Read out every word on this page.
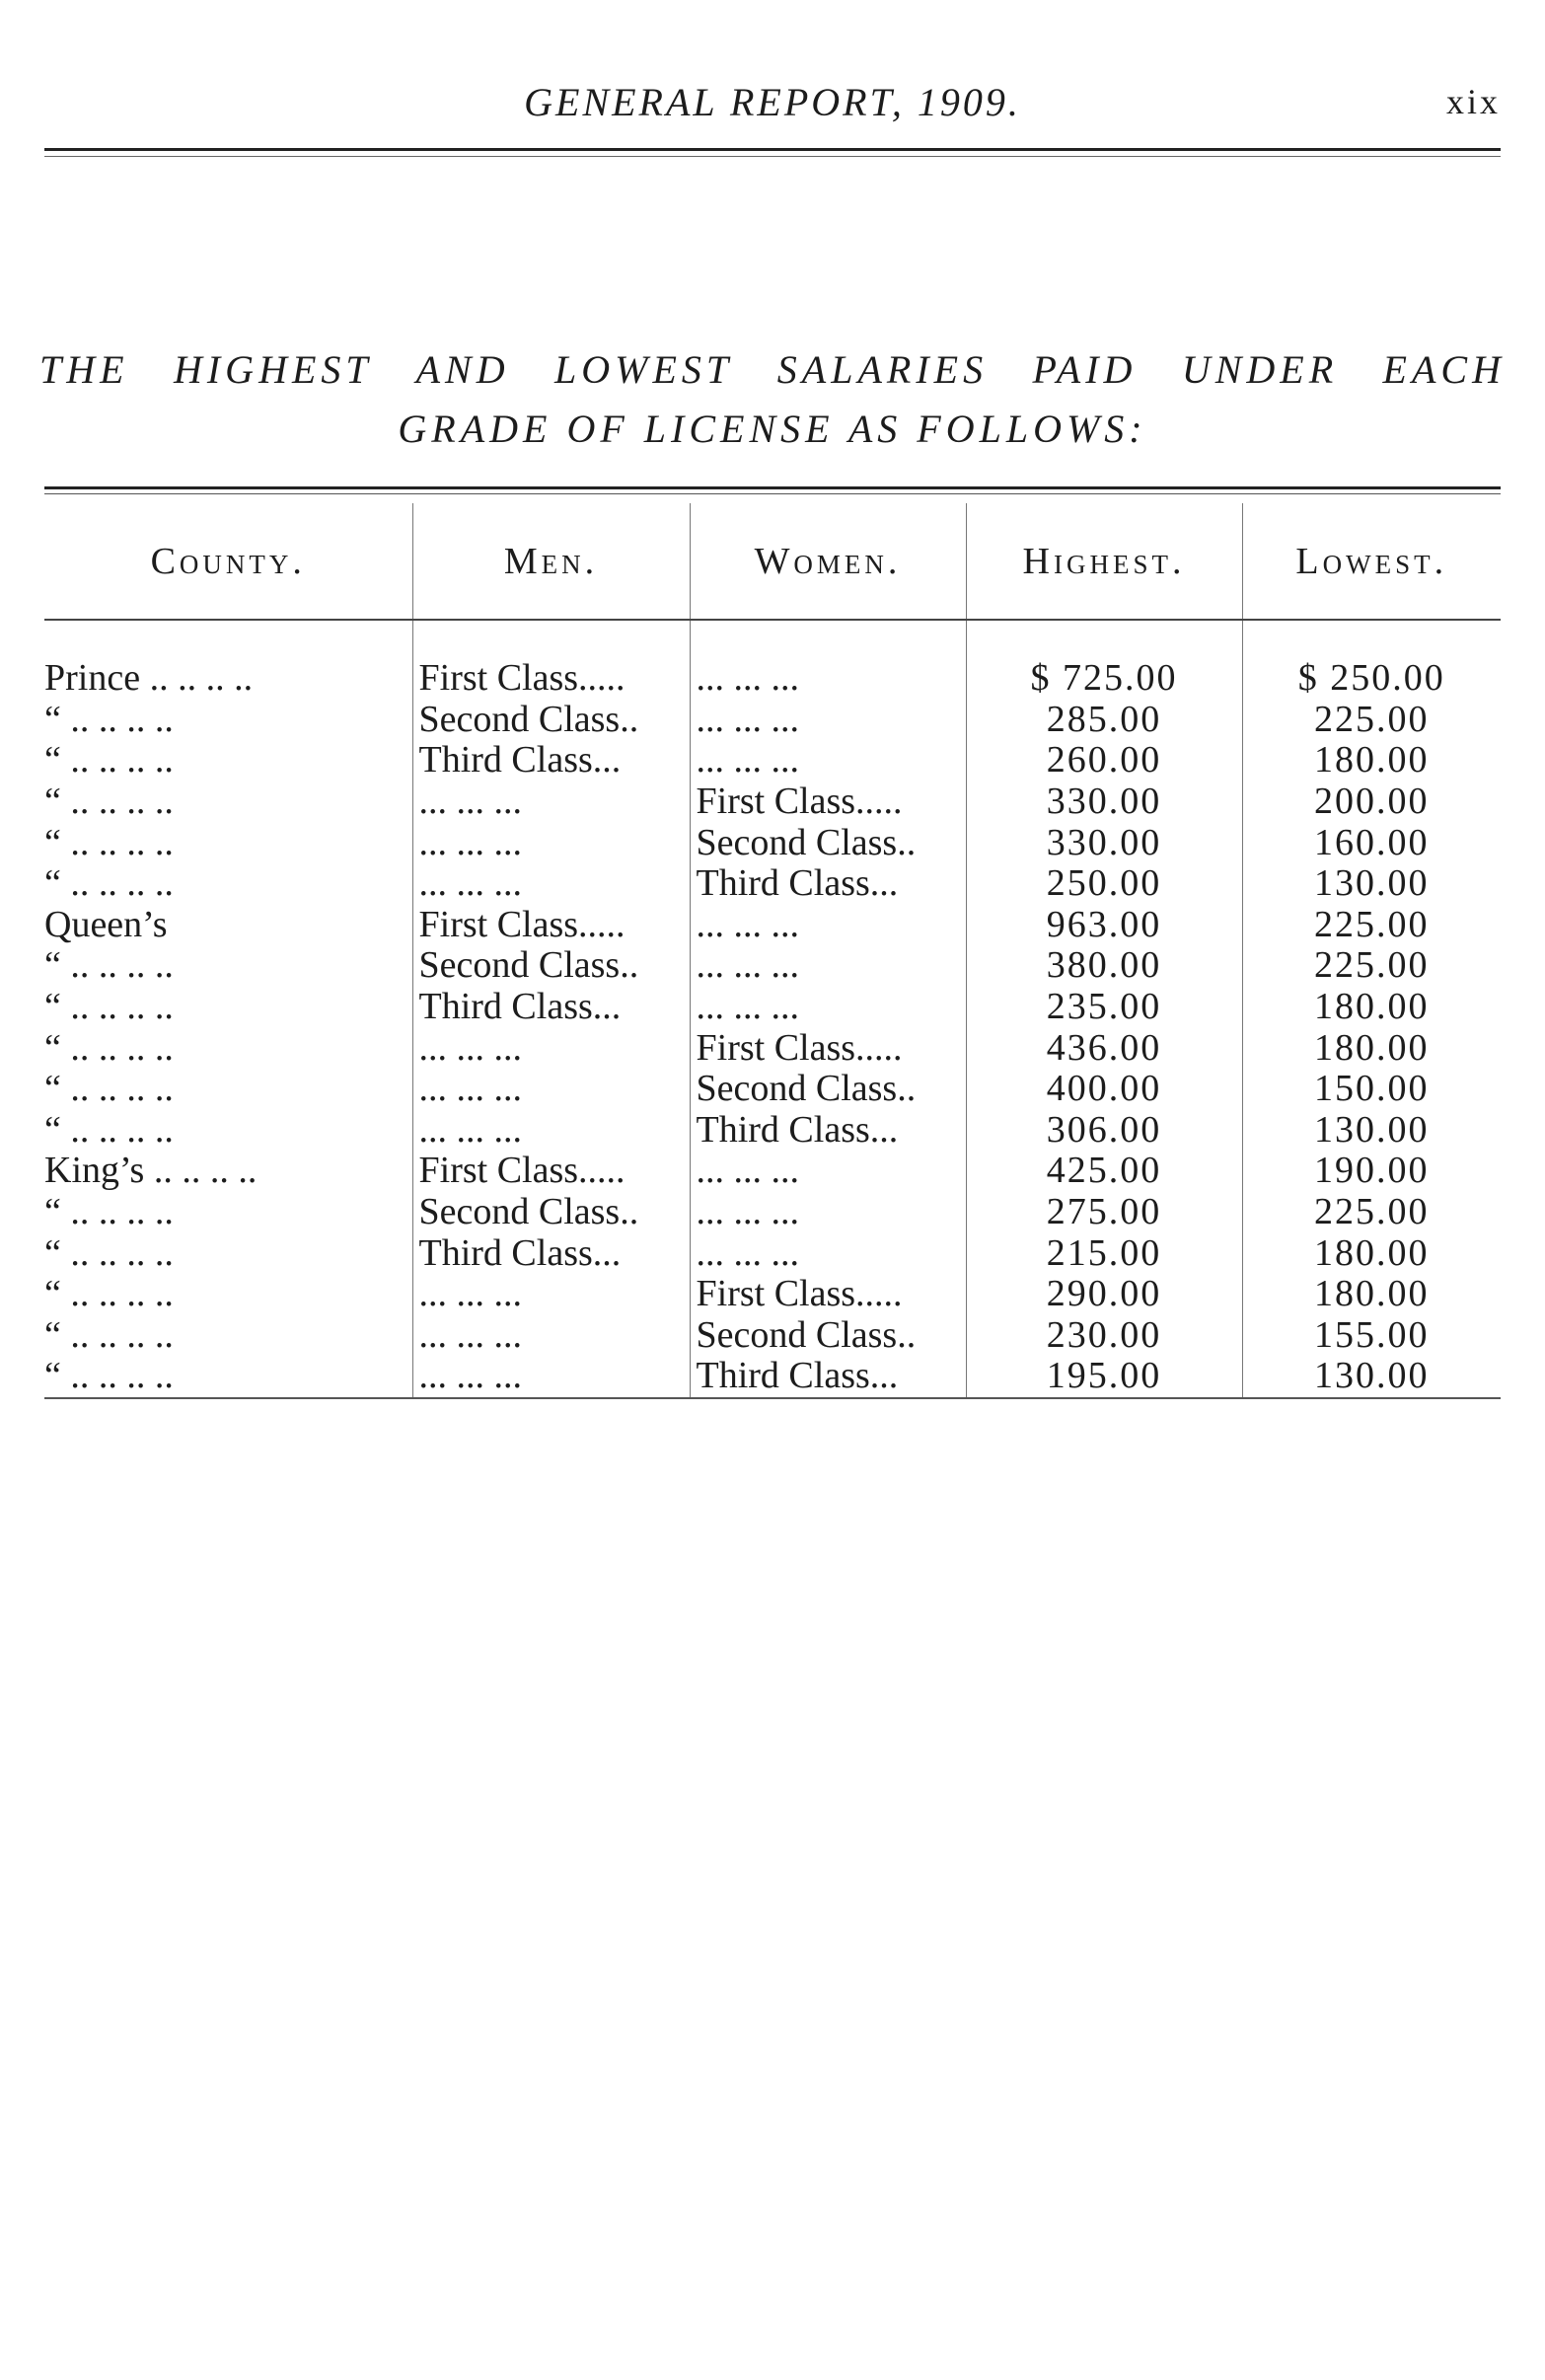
GENERAL REPORT, 1909.	xix
THE HIGHEST AND LOWEST SALARIES PAID UNDER EACH
GRADE OF LICENSE AS FOLLOWS:
County.	Men.	Women.	Highest.	Lowest.

Prince .. .. .. ..	First Class.....	... ... ...	$ 725.00	$ 250.00
“ .. .. .. ..	Second Class..	... ... ...	285.00	225.00
“ .. .. .. ..	Third Class...	... ... ...	260.00	180.00
“ .. .. .. ..	... ... ...	First Class.....	330.00	200.00
“ .. .. .. ..	... ... ...	Second Class..	330.00	160.00
“ .. .. .. ..	... ... ...	Third Class...	250.00	130.00
Queen’s	First Class.....	... ... ...	963.00	225.00
“ .. .. .. ..	Second Class..	... ... ...	380.00	225.00
“ .. .. .. ..	Third Class...	... ... ...	235.00	180.00
“ .. .. .. ..	... ... ...	First Class.....	436.00	180.00
“ .. .. .. ..	... ... ...	Second Class..	400.00	150.00
“ .. .. .. ..	... ... ...	Third Class...	306.00	130.00
King’s .. .. .. ..	First Class.....	... ... ...	425.00	190.00
“ .. .. .. ..	Second Class..	... ... ...	275.00	225.00
“ .. .. .. ..	Third Class...	... ... ...	215.00	180.00
“ .. .. .. ..	... ... ...	First Class.....	290.00	180.00
“ .. .. .. ..	... ... ...	Second Class..	230.00	155.00
“ .. .. .. ..	... ... ...	Third Class...	195.00	130.00
